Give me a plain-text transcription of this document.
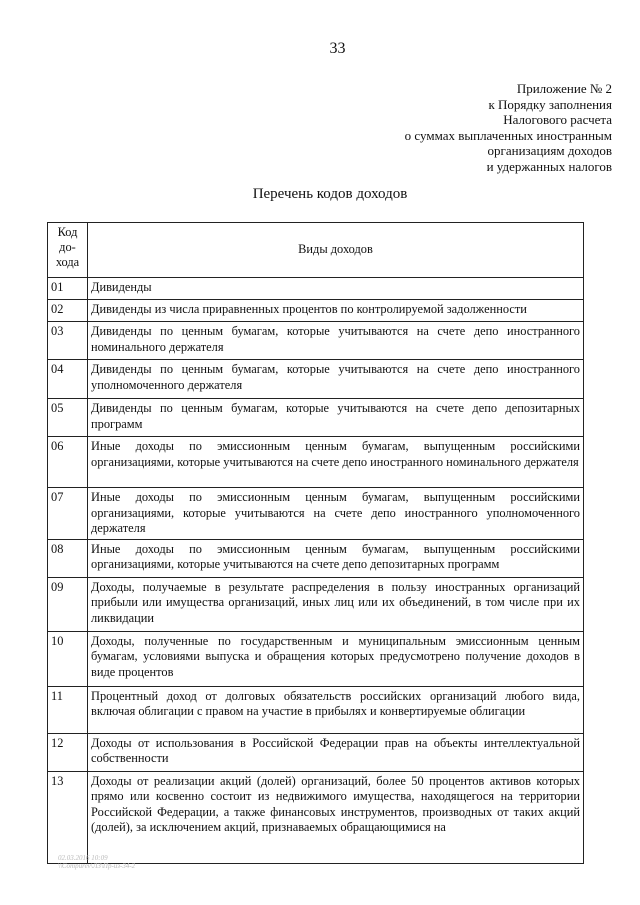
33
Приложение № 2
к Порядку заполнения
Налогового расчета
о суммах выплаченных иностранным
организациям доходов
и удержанных налогов
Перечень кодов доходов
Код
до-
хода	Виды доходов
01	Дивиденды
02	Дивиденды из числа приравненных процентов по контролируемой задолженности
03	Дивиденды по ценным бумагам, которые учитываются на счете депо иностранного номинального держателя
04	Дивиденды по ценным бумагам, которые учитываются на счете депо иностранного уполномоченного держателя
05	Дивиденды по ценным бумагам, которые учитываются на счете депо депозитарных программ
06	Иные доходы по эмиссионным ценным бумагам, выпущенным российскими организациями, которые учитываются на счете депо иностранного номинального держателя
07	Иные доходы по эмиссионным ценным бумагам, выпущенным российскими организациями, которые учитываются на счете депо иностранного уполномоченного держателя
08	Иные доходы по эмиссионным ценным бумагам, выпущенным российскими организациями, которые учитываются на счете депо депозитарных программ
09	Доходы, получаемые в результате распределения в пользу иностранных организаций прибыли или имущества организаций, иных лиц или их объединений, в том числе при их ликвидации
10	Доходы, полученные по государственным и муниципальным эмиссионным ценным бумагам, условиями выпуска и обращения которых предусмотрено получение доходов в виде процентов
11	Процентный доход от долговых обязательств российских организаций любого вида, включая облигации с правом на участие в прибылях и конвертируемые облигации
12	Доходы от использования в Российской Федерации прав на объекты интеллектуальной собственности
13	Доходы от реализации акций (долей) организаций, более 50 процентов активов которых прямо или косвенно состоит из недвижимого имущества, находящегося на территории Российской Федерации, а также финансовых инструментов, производных от таких акций (долей), за исключением акций, признаваемых обращающимися на
02.03.2016 10:09
\\Compurev\ЛЗ\Пр-из-34-2
